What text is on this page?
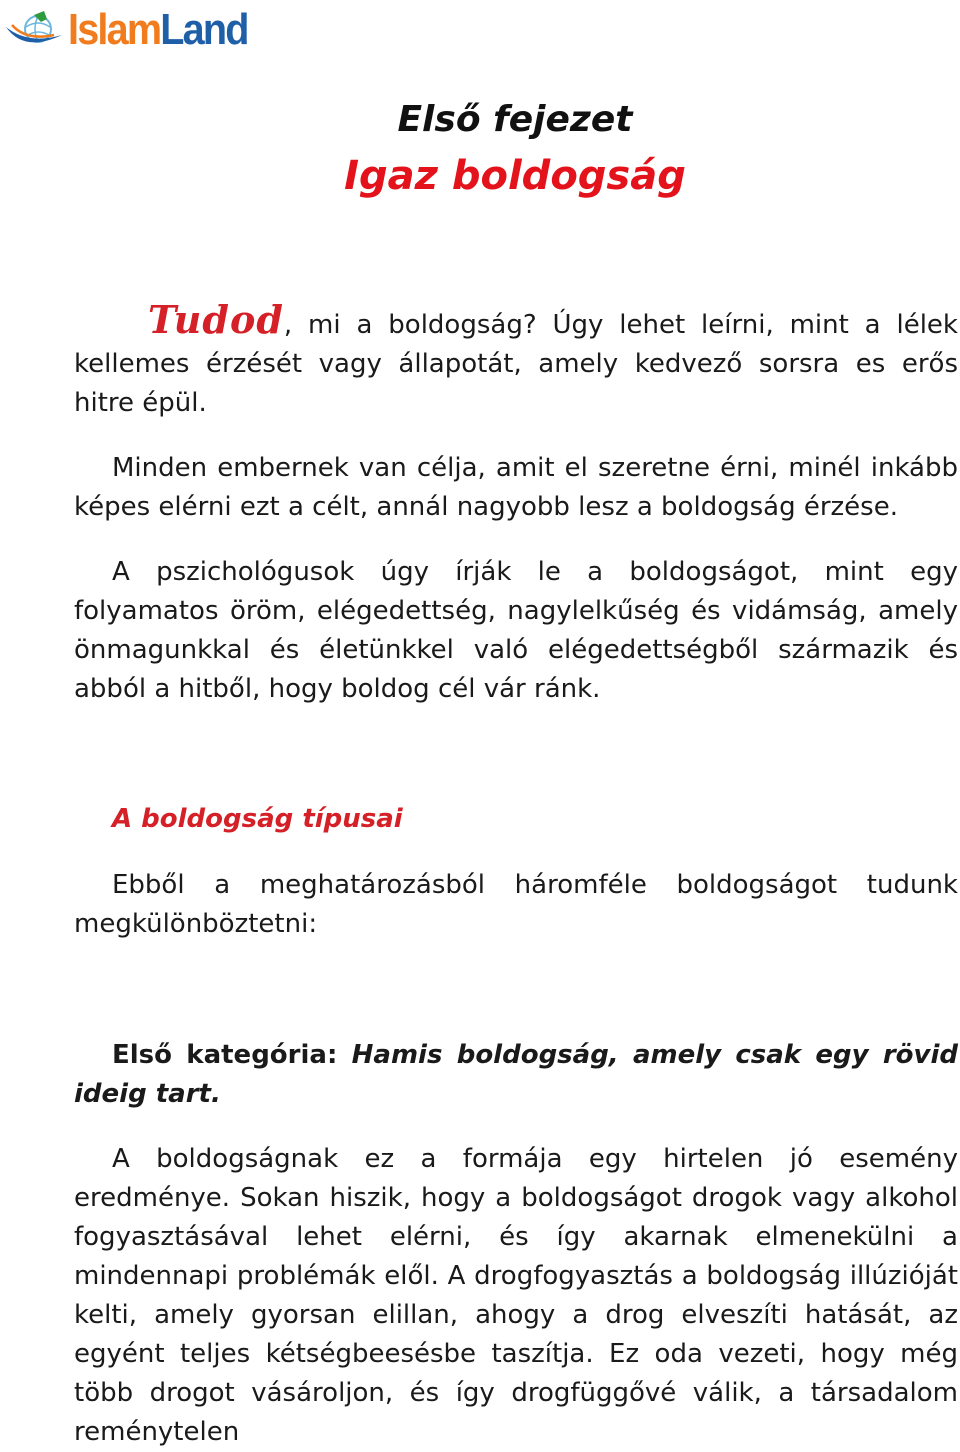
IslamLand
Első fejezet
Igaz boldogság

Tudod, mi a boldogság? Úgy lehet leírni, mint a lélek kellemes érzését vagy állapotát, amely kedvező sorsra es erős hitre épül.

Minden embernek van célja, amit el szeretne érni, minél inkább képes elérni ezt a célt, annál nagyobb lesz a boldogság érzése.

A pszichológusok úgy írják le a boldogságot, mint egy folyamatos öröm, elégedettség, nagylelkűség és vidámság, amely önmagunkkal és életünkkel való elégedettségből származik és abból a hitből, hogy boldog cél vár ránk.

A boldogság típusai

Ebből a meghatározásból háromféle boldogságot tudunk megkülönböztetni:

Első kategória: Hamis boldogság, amely csak egy rövid ideig tart.

A boldogságnak ez a formája egy hirtelen jó esemény eredménye. Sokan hiszik, hogy a boldogságot drogok vagy alkohol fogyasztásával lehet elérni, és így akarnak elmenekülni a mindennapi problémák elől. A drogfogyasztás a boldogság illúzióját kelti, amely gyorsan elillan, ahogy a drog elveszíti hatását, az egyént teljes kétségbeesésbe taszítja. Ez oda vezeti, hogy még több drogot vásároljon, és így drogfüggővé válik, a társadalom reménytelen
